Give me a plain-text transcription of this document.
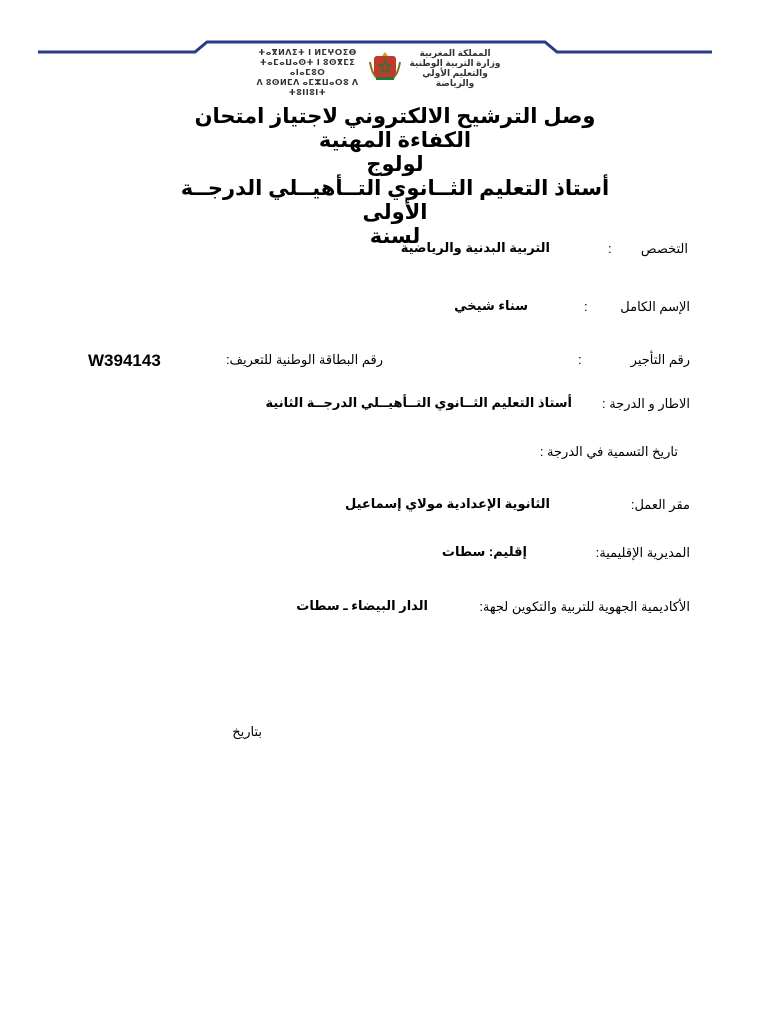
المملكة المغربية
وزارة التربية الوطنية
والتعليم الأولي والرياضة
ⵜⴰⴳⵍⴷⵉⵜ ⵏ ⵍⵎⵖⵔⵉⴱ
ⵜⴰⵎⴰⵡⴰⵙⵜ ⵏ ⵓⵙⴳⵎⵉ ⴰⵏⴰⵎⵓⵔ
ⴷ ⵓⵙⵍⵎⴷ ⴰⵎⵣⵡⴰⵔⵓ ⴷ ⵜⵓⵏⵏⵓⵏⵜ
وصل الترشيح الالكتروني لاجتياز امتحان الكفاءة المهنية
لولوج
أستاذ التعليم الثــانوي التــأهيــلي الدرجــة الأولى
لسنة
التخصص
:
التربية البدنية والرياضية
الإسم الكامل
:
سناء شيخي
رقم التأجير
:
رقم البطاقة الوطنية للتعريف:
W394143
الاطار و الدرجة :
أستاذ التعليم الثــانوي التــأهيــلي الدرجــة الثانية
تاريخ التسمية في الدرجة :
مقر العمل:
الثانوية الإعدادية مولاي إسماعيل
المديرية الإقليمية:
إقليم: سطات
الأكاديمية الجهوية للتربية والتكوين لجهة:
الدار البيضاء ـ سطات
بتاريخ
